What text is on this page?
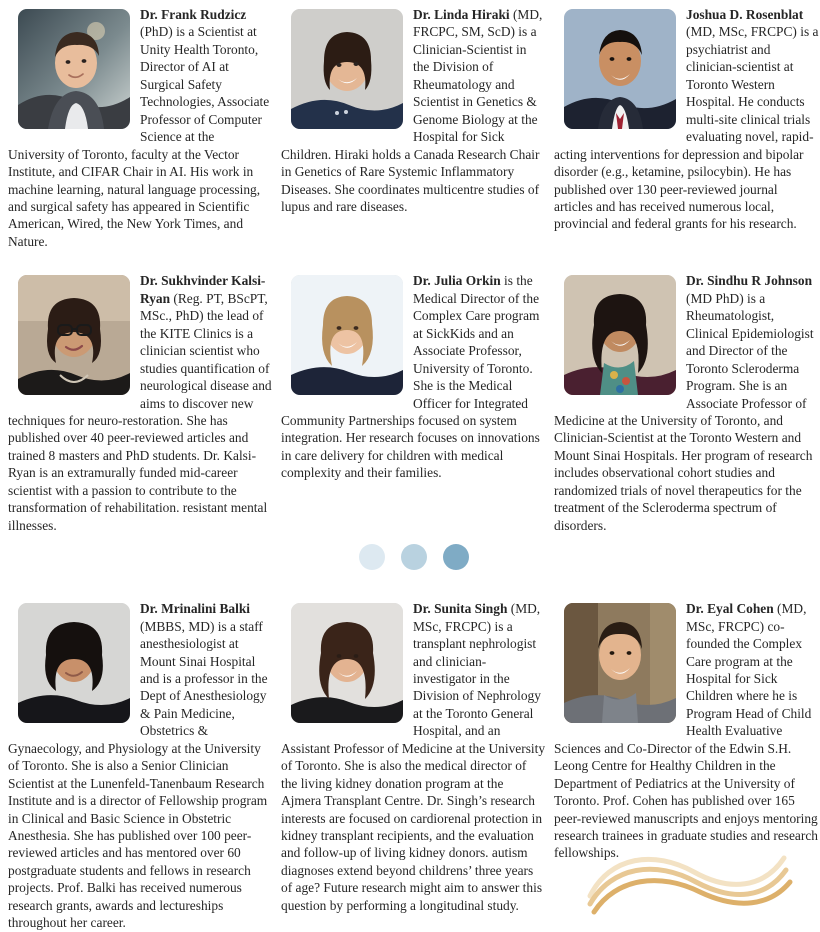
Dr. Frank Rudzicz (PhD) is a Scientist at Unity Health Toronto, Director of AI at Surgical Safety Technologies, Associate Professor of Computer Science at the University of Toronto, faculty at the Vector Institute, and CIFAR Chair in AI. His work in machine learning, natural language processing, and surgical safety has appeared in Scientific American, Wired, the New York Times, and Nature.

Dr. Linda Hiraki (MD, FRCPC, SM, ScD) is a Clinician-Scientist in the Division of Rheumatology and Scientist in Genetics & Genome Biology at the Hospital for Sick Children. Hiraki holds a Canada Research Chair in Genetics of Rare Systemic Inflammatory Diseases. She coordinates multicentre studies of lupus and rare diseases.

Joshua D. Rosenblat (MD, MSc, FRCPC) is a psychiatrist and clinician-scientist at Toronto Western Hospital. He conducts multi-site clinical trials evaluating novel, rapid-acting interventions for depression and bipolar disorder (e.g., ketamine, psilocybin). He has published over 130 peer-reviewed journal articles and has received numerous local, provincial and federal grants for his research.

Dr. Sukhvinder Kalsi-Ryan (Reg. PT, BScPT, MSc., PhD) the lead of the KITE Clinics is a clinician scientist who studies quantification of neurological disease and aims to discover new techniques for neuro-restoration. She has published over 40 peer-reviewed articles and trained 8 masters and PhD students. Dr. Kalsi-Ryan is an extramurally funded mid-career scientist with a passion to contribute to the transformation of rehabilitation. resistant mental illnesses.

Dr. Julia Orkin is the Medical Director of the Complex Care program at SickKids and an Associate Professor, University of Toronto. She is the Medical Officer for Integrated Community Partnerships focused on system integration. Her research focuses on innovations in care delivery for children with medical complexity and their families.

Dr. Sindhu R Johnson (MD PhD) is a Rheumatologist, Clinical Epidemiologist and Director of the Toronto Scleroderma Program. She is an Associate Professor of Medicine at the University of Toronto, and Clinician-Scientist at the Toronto Western and Mount Sinai Hospitals. Her program of research includes observational cohort studies and randomized trials of novel therapeutics for the treatment of the Scleroderma spectrum of disorders.

Dr. Mrinalini Balki (MBBS, MD) is a staff anesthesiologist at Mount Sinai Hospital and is a professor in the Dept of Anesthesiology & Pain Medicine, Obstetrics & Gynaecology, and Physiology at the University of Toronto. She is also a Senior Clinician Scientist at the Lunenfeld-Tanenbaum Research Institute and is a director of Fellowship program in Clinical and Basic Science in Obstetric Anesthesia. She has published over 100 peer-reviewed articles and has mentored over 60 postgraduate students and fellows in research projects. Prof. Balki has received numerous research grants, awards and lectureships throughout her career.

Dr. Sunita Singh (MD, MSc, FRCPC) is a transplant nephrologist and clinician-investigator in the Division of Nephrology at the Toronto General Hospital, and an Assistant Professor of Medicine at the University of Toronto. She is also the medical director of the living kidney donation program at the Ajmera Transplant Centre. Dr. Singh’s research interests are focused on cardiorenal protection in kidney transplant recipients, and the evaluation and follow-up of living kidney donors. autism diagnoses extend beyond childrens’ three years of age? Future research might aim to answer this question by performing a longitudinal study.

Dr. Eyal Cohen (MD, MSc, FRCPC) co-founded the Complex Care program at the Hospital for Sick Children where he is Program Head of Child Health Evaluative Sciences and Co-Director of the Edwin S.H. Leong Centre for Healthy Children in the Department of Pediatrics at the University of Toronto. Prof. Cohen has published over 165 peer-reviewed manuscripts and enjoys mentoring research trainees in graduate studies and research fellowships.
